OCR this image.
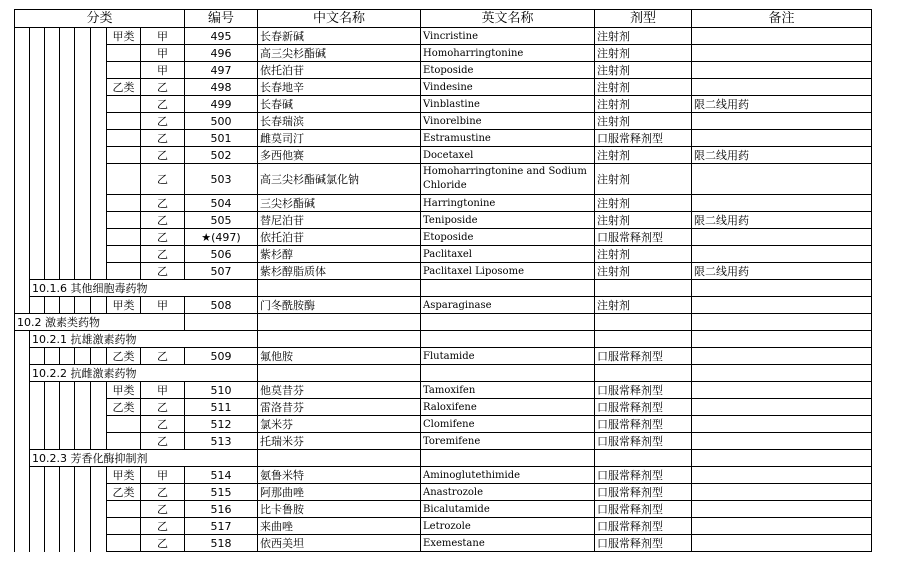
分类								编号	中文名称	英文名称	剂型	备注
						甲类	甲	495	长春新碱	Vincristine	注射剂	
							甲	496	高三尖杉酯碱	Homoharringtonine	注射剂	
							甲	497	依托泊苷	Etoposide	注射剂	
						乙类	乙	498	长春地辛	Vindesine	注射剂	
							乙	499	长春碱	Vinblastine	注射剂	限二线用药
							乙	500	长春瑞滨	Vinorelbine	注射剂	
							乙	501	雌莫司汀	Estramustine	口服常释剂型	
							乙	502	多西他赛	Docetaxel	注射剂	限二线用药
							乙	503	高三尖杉酯碱氯化钠	Homoharringtonine and Sodium Chloride	注射剂	
							乙	504	三尖杉酯碱	Harringtonine	注射剂	
							乙	505	替尼泊苷	Teniposide	注射剂	限二线用药
							乙	★(497)	依托泊苷	Etoposide	口服常释剂型	
							乙	506	紫杉醇	Paclitaxel	注射剂	
							乙	507	紫杉醇脂质体	Paclitaxel Liposome	注射剂	限二线用药
	10.1.6 其他细胞毒药物											
						甲类	甲	508	门冬酰胺酶	Asparaginase	注射剂	
10.2 激素类药物												
	10.2.1 抗雄激素药物											
						乙类	乙	509	氟他胺	Flutamide	口服常释剂型	
	10.2.2 抗雌激素药物											
						甲类	甲	510	他莫昔芬	Tamoxifen	口服常释剂型	
						乙类	乙	511	雷洛昔芬	Raloxifene	口服常释剂型	
							乙	512	氯米芬	Clomifene	口服常释剂型	
							乙	513	托瑞米芬	Toremifene	口服常释剂型	
	10.2.3 芳香化酶抑制剂											
						甲类	甲	514	氨鲁米特	Aminoglutethimide	口服常释剂型	
						乙类	乙	515	阿那曲唑	Anastrozole	口服常释剂型	
							乙	516	比卡鲁胺	Bicalutamide	口服常释剂型	
							乙	517	来曲唑	Letrozole	口服常释剂型	
							乙	518	依西美坦	Exemestane	口服常释剂型	
